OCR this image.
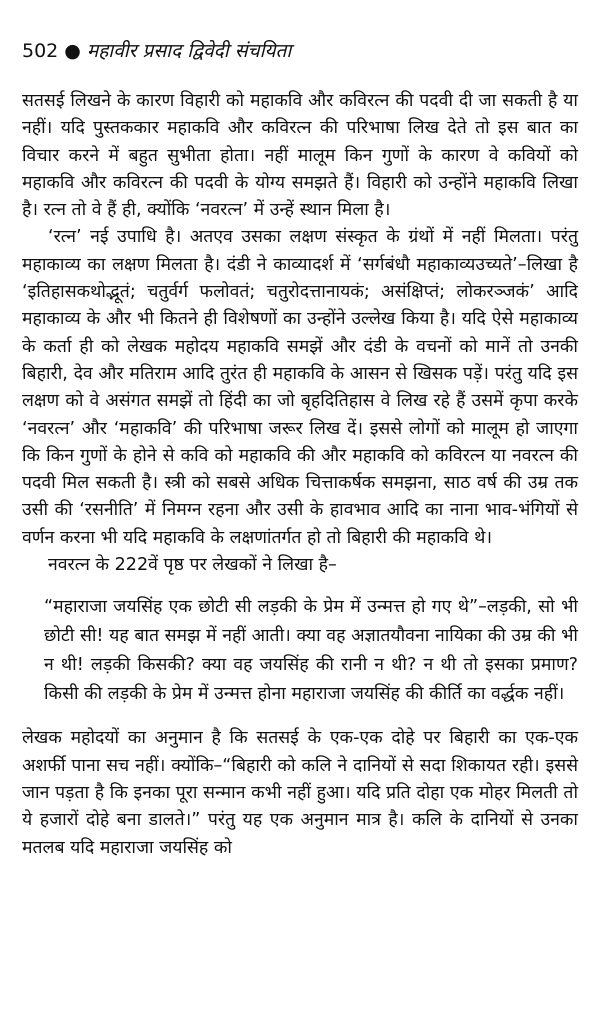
502 ● महावीर प्रसाद द्विवेदी संचयिता

सतसई लिखने के कारण विहारी को महाकवि और कविरत्न की पदवी दी जा सकती है या नहीं। यदि पुस्तककार महाकवि और कविरत्न की परिभाषा लिख देते तो इस बात का विचार करने में बहुत सुभीता होता। नहीं मालूम किन गुणों के कारण वे कवियों को महाकवि और कविरत्न की पदवी के योग्य समझते हैं। विहारी को उन्होंने महाकवि लिखा है। रत्न तो वे हैं ही, क्योंकि ‘नवरत्न’ में उन्हें स्थान मिला है।

‘रत्न’ नई उपाधि है। अतएव उसका लक्षण संस्कृत के ग्रंथों में नहीं मिलता। परंतु महाकाव्य का लक्षण मिलता है। दंडी ने काव्यादर्श में ‘सर्गबंधौ महाकाव्यउच्यते’–लिखा है ‘इतिहासकथोद्भूतं; चतुर्वर्ग फलोवतं; चतुरोदत्तानायकं; असंक्षिप्तं; लोकरञ्जकं’ आदि महाकाव्य के और भी कितने ही विशेषणों का उन्होंने उल्लेख किया है। यदि ऐसे महाकाव्य के कर्ता ही को लेखक महोदय महाकवि समझें और दंडी के वचनों को मानें तो उनकी बिहारी, देव और मतिराम आदि तुरंत ही महाकवि के आसन से खिसक पड़ें। परंतु यदि इस लक्षण को वे असंगत समझें तो हिंदी का जो बृहदितिहास वे लिख रहे हैं उसमें कृपा करके ‘नवरत्न’ और ‘महाकवि’ की परिभाषा जरूर लिख दें। इससे लोगों को मालूम हो जाएगा कि किन गुणों के होने से कवि को महाकवि की और महाकवि को कविरत्न या नवरत्न की पदवी मिल सकती है। स्त्री को सबसे अधिक चित्ताकर्षक समझना, साठ वर्ष की उम्र तक उसी की ‘रसनीति’ में निमग्न रहना और उसी के हावभाव आदि का नाना भाव-भंगियों से वर्णन करना भी यदि महाकवि के लक्षणांतर्गत हो तो बिहारी की महाकवि थे।

नवरत्न के 222वें पृष्ठ पर लेखकों ने लिखा है–

“महाराजा जयसिंह एक छोटी सी लड़की के प्रेम में उन्मत्त हो गए थे”–लड़की, सो भी छोटी सी! यह बात समझ में नहीं आती। क्या वह अज्ञातयौवना नायिका की उम्र की भी न थी! लड़की किसकी? क्या वह जयसिंह की रानी न थी? न थी तो इसका प्रमाण? किसी की लड़की के प्रेम में उन्मत्त होना महाराजा जयसिंह की कीर्ति का वर्द्धक नहीं।

लेखक महोदयों का अनुमान है कि सतसई के एक-एक दोहे पर बिहारी का एक-एक अशर्फी पाना सच नहीं। क्योंकि–“बिहारी को कलि ने दानियों से सदा शिकायत रही। इससे जान पड़ता है कि इनका पूरा सन्मान कभी नहीं हुआ। यदि प्रति दोहा एक मोहर मिलती तो ये हजारों दोहे बना डालते।” परंतु यह एक अनुमान मात्र है। कलि के दानियों से उनका मतलब यदि महाराजा जयसिंह को
